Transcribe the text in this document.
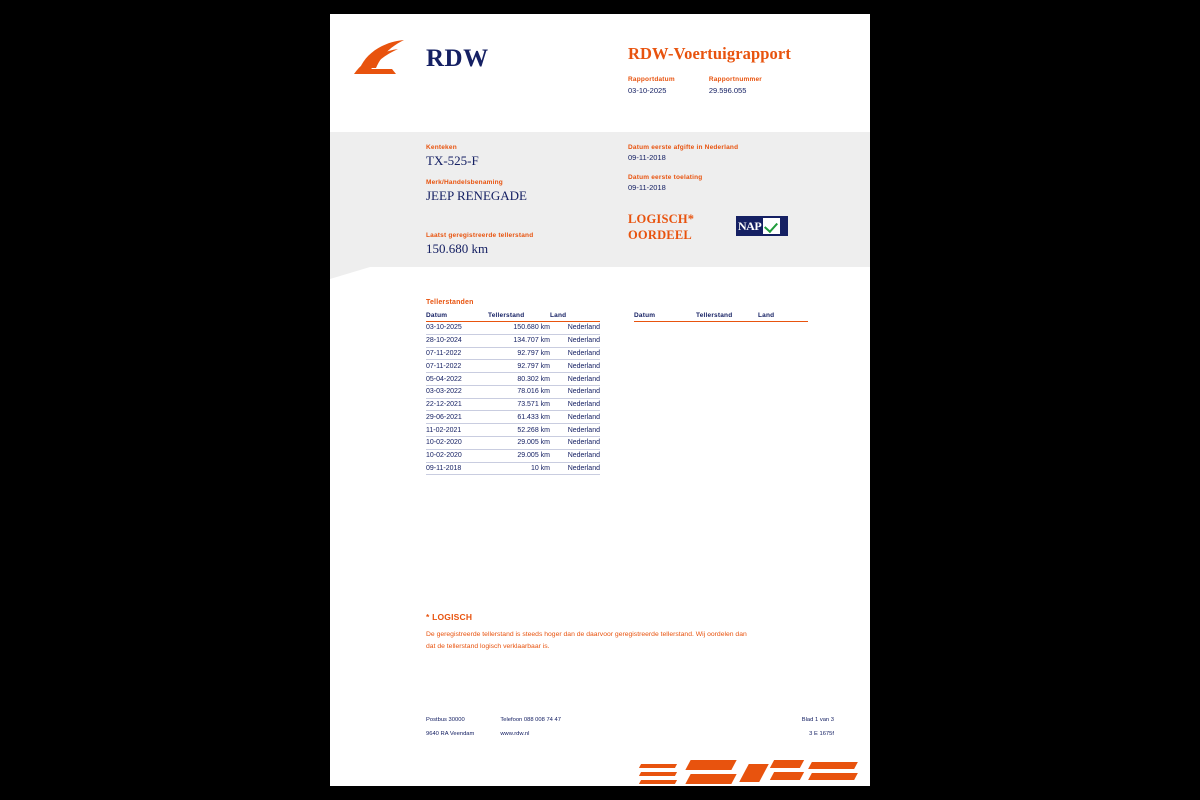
RDW	RDW-Voertuigrapport
Rapportdatum
03-10-2025
Rapportnummer
29.596.055
Kenteken
TX-525-F
Merk/Handelsbenaming
JEEP RENEGADE
Laatst geregistreerde tellerstand
150.680 km
Datum eerste afgifte in Nederland
09-11-2018
Datum eerste toelating
09-11-2018
LOGISCH*
OORDEEL
NAP
Tellerstanden
Datum	Tellerstand	Land
03-10-2025	150.680 km	Nederland
28-10-2024	134.707 km	Nederland
07-11-2022	92.797 km	Nederland
07-11-2022	92.797 km	Nederland
05-04-2022	80.302 km	Nederland
03-03-2022	78.016 km	Nederland
22-12-2021	73.571 km	Nederland
29-06-2021	61.433 km	Nederland
11-02-2021	52.268 km	Nederland
10-02-2020	29.005 km	Nederland
10-02-2020	29.005 km	Nederland
09-11-2018	10 km	Nederland
Datum	Tellerstand	Land
* LOGISCH
De geregistreerde tellerstand is steeds hoger dan de daarvoor geregistreerde tellerstand. Wij oordelen dan
dat de tellerstand logisch verklaarbaar is.
Postbus 30000
9640 RA Veendam
Telefoon 088 008 74 47
www.rdw.nl
Blad 1 van 3
3 E 1675f
